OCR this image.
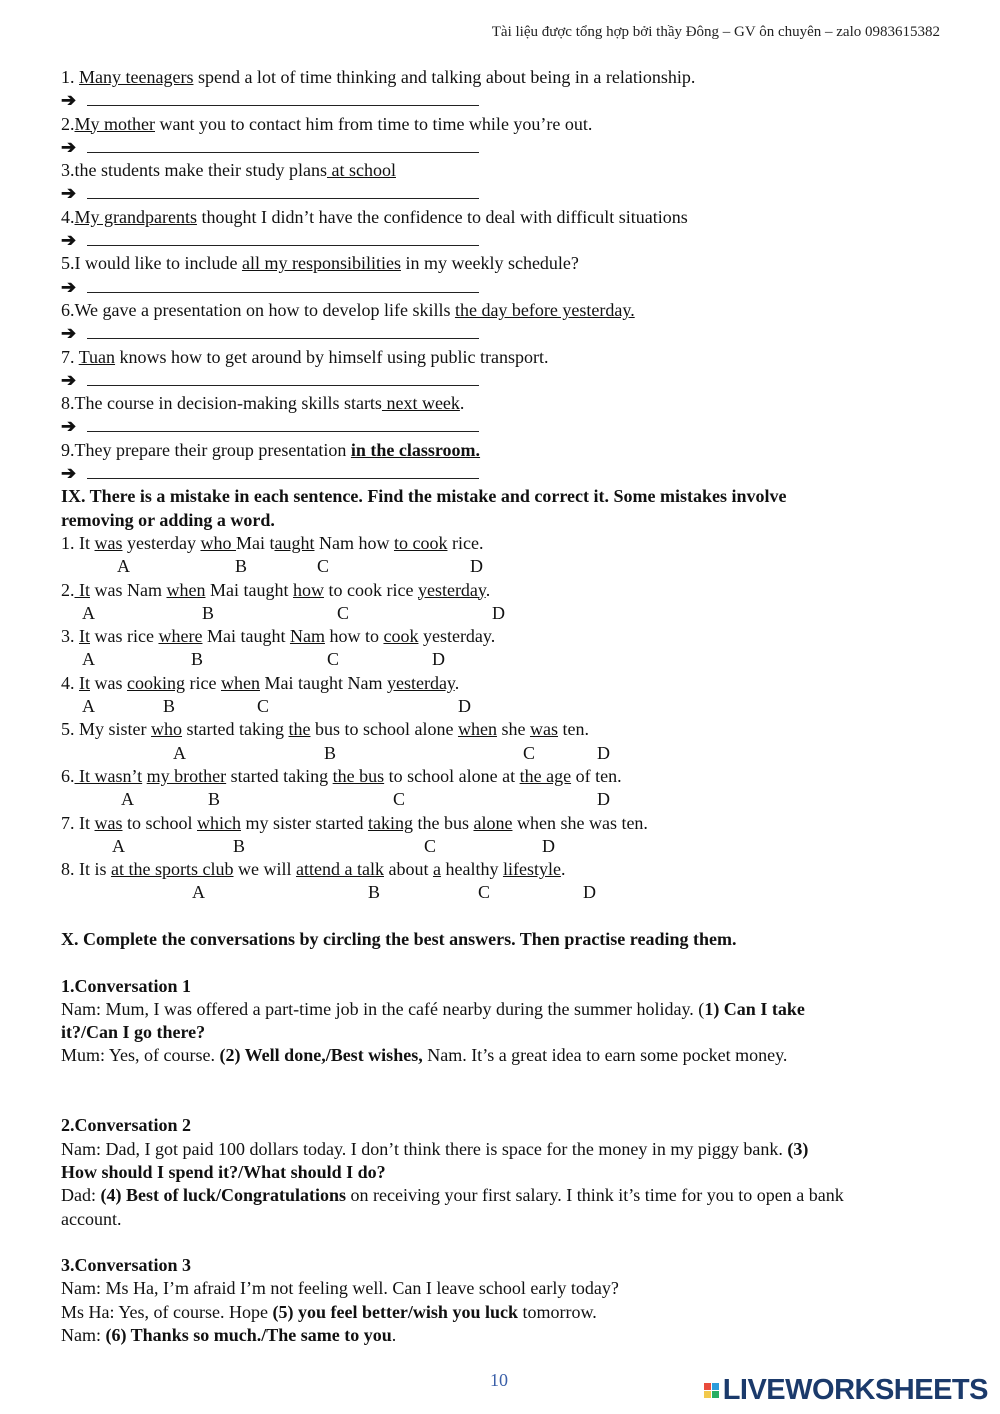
Tài liệu được tổng hợp bởi thầy Đông – GV ôn chuyên – zalo 0983615382
1. Many teenagers spend a lot of time thinking and talking about being in a relationship.
➔
2.My mother want you to contact him from time to time while you’re out.
➔
3.the students make their study plans at school
➔
4.My grandparents thought I didn’t have the confidence to deal with difficult situations
➔
5.I would like to include all my responsibilities in my weekly schedule?
➔
6.We gave a presentation on how to develop life skills the day before yesterday.
➔
7. Tuan knows how to get around by himself using public transport.
➔
8.The course in decision-making skills starts next week.
➔
9.They prepare their group presentation in the classroom.
➔
IX. There is a mistake in each sentence. Find the mistake and correct it. Some mistakes involve
removing or adding a word.
1. It was yesterday who Mai taught Nam how to cook rice.
A	B	C	D
2. It was Nam when Mai taught how to cook rice yesterday.
A	B	C	D
3. It was rice where Mai taught Nam how to cook yesterday.
A	B	C	D
4. It was cooking rice when Mai taught Nam yesterday.
A	B	C	D
5. My sister who started taking the bus to school alone when she was ten.
A	B	C	D
6. It wasn’t my brother started taking the bus to school alone at the age of ten.
A	B	C	D
7. It was to school which my sister started taking the bus alone when she was ten.
A	B	C	D
8. It is at the sports club we will attend a talk about a healthy lifestyle.
A	B	C	D
X. Complete the conversations by circling the best answers. Then practise reading them.
1.Conversation 1
Nam: Mum, I was offered a part-time job in the café nearby during the summer holiday. (1) Can I take
it?/Can I go there?
Mum: Yes, of course. (2) Well done,/Best wishes, Nam. It’s a great idea to earn some pocket money.
2.Conversation 2
Nam: Dad, I got paid 100 dollars today. I don’t think there is space for the money in my piggy bank. (3)
How should I spend it?/What should I do?
Dad: (4) Best of luck/Congratulations on receiving your first salary. I think it’s time for you to open a bank
account.
3.Conversation 3
Nam: Ms Ha, I’m afraid I’m not feeling well. Can I leave school early today?
Ms Ha: Yes, of course. Hope (5) you feel better/wish you luck tomorrow.
Nam: (6) Thanks so much./The same to you.
10	LIVEWORKSHEETS
